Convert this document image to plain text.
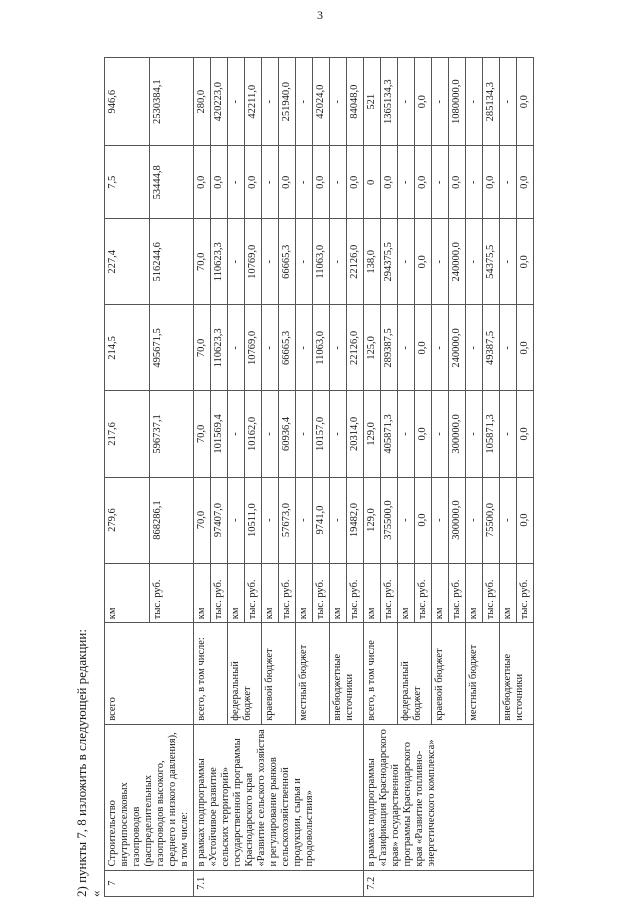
3
2) пункты 7, 8 изложить в следующей редакции: «
7	Строительство внутрипоселковых газопроводов (распределительных газопроводов высокого, среднего и низкого давления), в том числе:	всего	км	279,6	217,6	214,5	227,4	7,5	946,6
			тыс. руб.	868286,1	596737,1	495671,5	516244,6	53444,8	2530384,1
7.1	в рамках подпрограммы «Устойчивое развитие сельских территорий» государственной программы Краснодарского края «Развитие сельского хозяйства и регулирование рынков сельскохозяйственной продукции, сырья и продовольствия»	всего, в том числе:	км	70,0	70,0	70,0	70,0	0,0	280,0
			тыс. руб.	97407,0	101569,4	110623,3	110623,3	0,0	420223,0
		федеральный бюджет	км	-	-	-	-	-	-
			тыс. руб.	10511,0	10162,0	10769,0	10769,0	0,0	42211,0
		краевой бюджет	км	-	-	-	-	-	-
			тыс. руб.	57673,0	60936,4	66665,3	66665,3	0,0	251940,0
		местный бюджет	км	-	-	-	-	-	-
			тыс. руб.	9741,0	10157,0	11063,0	11063,0	0,0	42024,0
		внебюджетные источники	км	-	-	-	-	-	-
			тыс. руб.	19482,0	20314,0	22126,0	22126,0	0,0	84048,0
7.2	в рамках подпрограммы «Газификация Краснодарского края» государственной программы Краснодарского края «Развитие топливно-энергетического комплекса»	всего, в том числе	км	129,0	129,0	125,0	138,0	0	521
			тыс. руб.	375500,0	405871,3	289387,5	294375,5	0,0	1365134,3
		федеральный бюджет	км	-	-	-	-	-	-
			тыс. руб.	0,0	0,0	0,0	0,0	0,0	0,0
		краевой бюджет	км	-	-	-	-	-	-
			тыс. руб.	300000,0	300000,0	240000,0	240000,0	0,0	1080000,0
		местный бюджет	км	-	-	-	-	-	-
			тыс. руб.	75500,0	105871,3	49387,5	54375,5	0,0	285134,3
		внебюджетные источники	км	-	-	-	-	-	-
			тыс. руб.	0,0	0,0	0,0	0,0	0,0	0,0
